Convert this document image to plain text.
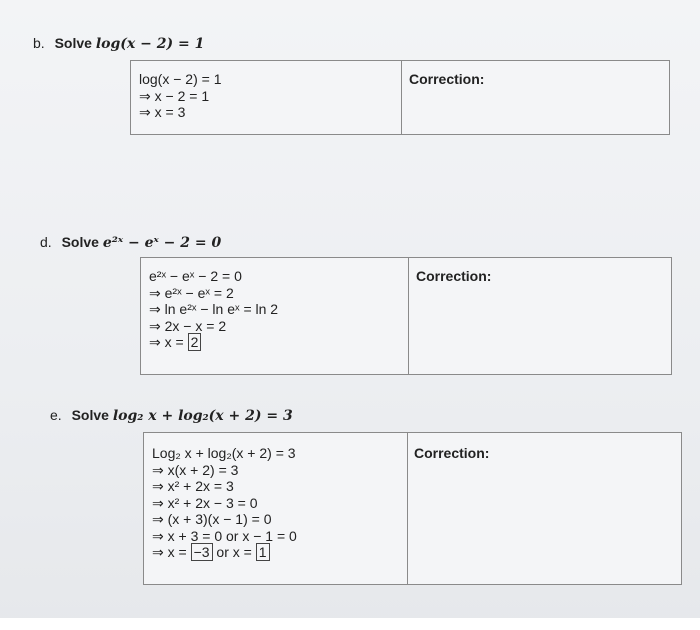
b. Solve log(x − 2) = 1
log(x − 2) = 1
⇒ x − 2 = 1
⇒ x = 3
Correction:
d. Solve e²ˣ − eˣ − 2 = 0
e²ˣ − eˣ − 2 = 0
⇒ e²ˣ − eˣ = 2
⇒ ln e²ˣ − ln eˣ = ln 2
⇒ 2x − x = 2
⇒ x = 2
Correction:
e. Solve log₂ x + log₂(x + 2) = 3
Log₂ x + log₂(x + 2) = 3
⇒ x(x + 2) = 3
⇒ x² + 2x = 3
⇒ x² + 2x − 3 = 0
⇒ (x + 3)(x − 1) = 0
⇒ x + 3 = 0 or x − 1 = 0
⇒ x = −3 or x = 1
Correction:
